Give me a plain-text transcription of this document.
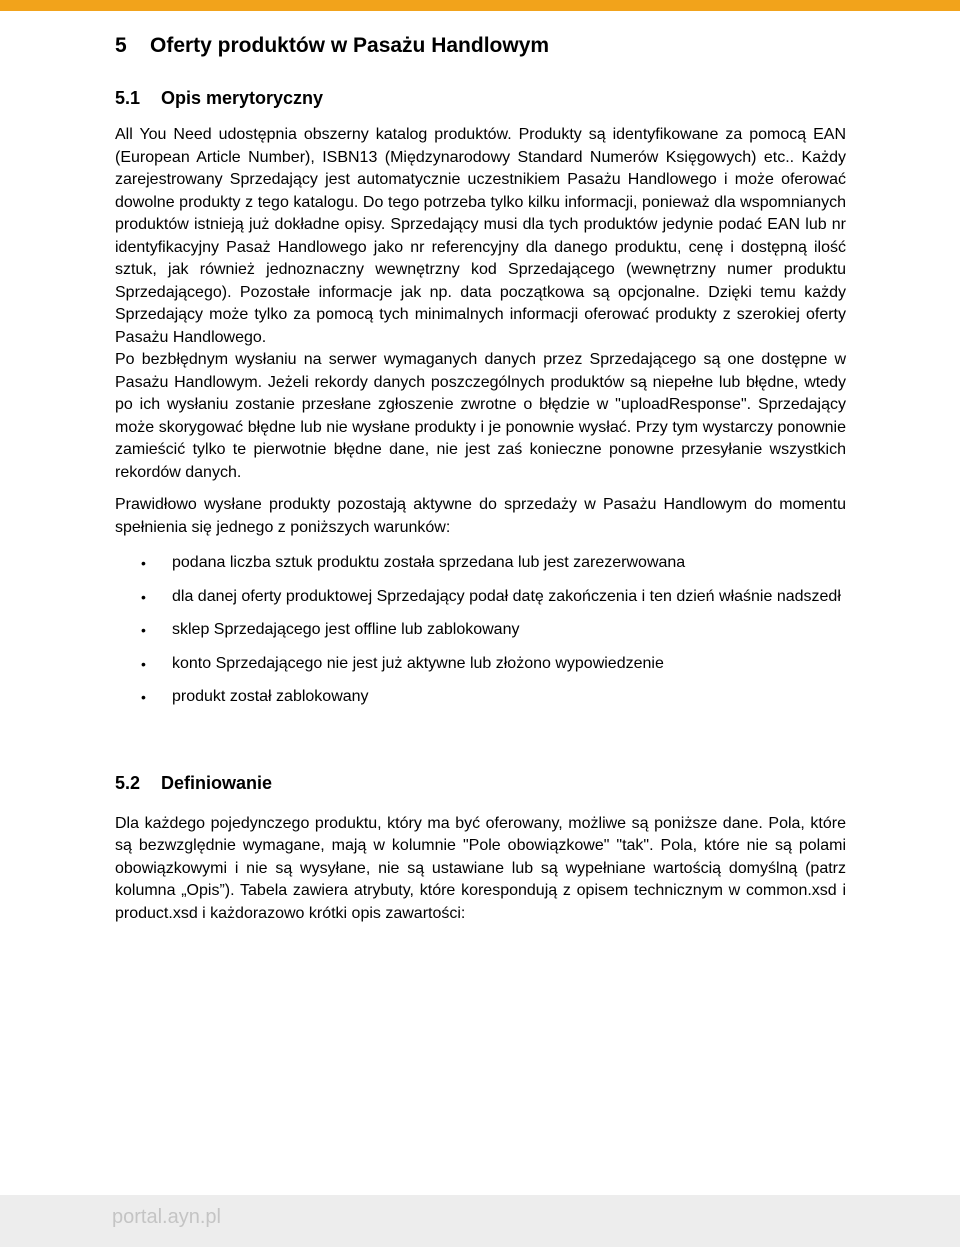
5	Oferty produktów w Pasażu Handlowym
5.1	Opis merytoryczny

All You Need udostępnia obszerny katalog produktów. Produkty są identyfikowane za pomocą EAN (European Article Number), ISBN13 (Międzynarodowy Standard Numerów Księgowych) etc.. Każdy zarejestrowany Sprzedający jest automatycznie uczestnikiem Pasażu Handlowego i może oferować dowolne produkty z tego katalogu. Do tego potrzeba tylko kilku informacji, ponieważ dla wspomnianych produktów istnieją już dokładne opisy. Sprzedający musi dla tych produktów jedynie podać EAN lub nr identyfikacyjny Pasaż Handlowego jako nr referencyjny dla danego produktu, cenę i dostępną ilość sztuk, jak również jednoznaczny wewnętrzny kod Sprzedającego (wewnętrzny numer produktu Sprzedającego). Pozostałe informacje jak np. data początkowa są opcjonalne. Dzięki temu każdy Sprzedający może tylko za pomocą tych minimalnych informacji oferować produkty z szerokiej oferty Pasażu Handlowego.

Po bezbłędnym wysłaniu na serwer wymaganych danych przez Sprzedającego są one dostępne w Pasażu Handlowym. Jeżeli rekordy danych poszczególnych produktów są niepełne lub błędne, wtedy po ich wysłaniu zostanie przesłane zgłoszenie zwrotne o błędzie w "uploadResponse". Sprzedający może skorygować błędne lub nie wysłane produkty i je ponownie wysłać. Przy tym wystarczy ponownie zamieścić tylko te pierwotnie błędne dane, nie jest zaś konieczne ponowne przesyłanie wszystkich rekordów danych.

Prawidłowo wysłane produkty pozostają aktywne do sprzedaży w Pasażu Handlowym do momentu spełnienia się jednego z poniższych warunków:

• podana liczba sztuk produktu została sprzedana lub jest zarezerwowana
• dla danej oferty produktowej Sprzedający podał datę zakończenia i ten dzień właśnie nadszedł
• sklep Sprzedającego jest offline lub zablokowany
• konto Sprzedającego nie jest już aktywne lub złożono wypowiedzenie
• produkt został zablokowany
5.2	Definiowanie

Dla każdego pojedynczego produktu, który ma być oferowany, możliwe są poniższe dane. Pola, które są bezwzględnie wymagane, mają w kolumnie "Pole obowiązkowe" "tak". Pola, które nie są polami obowiązkowymi i nie są wysyłane, nie są ustawiane lub są wypełniane wartością domyślną (patrz kolumna „Opis”). Tabela zawiera atrybuty, które korespondują z opisem technicznym w common.xsd i product.xsd i każdorazowo krótki opis zawartości:

portal.ayn.pl
